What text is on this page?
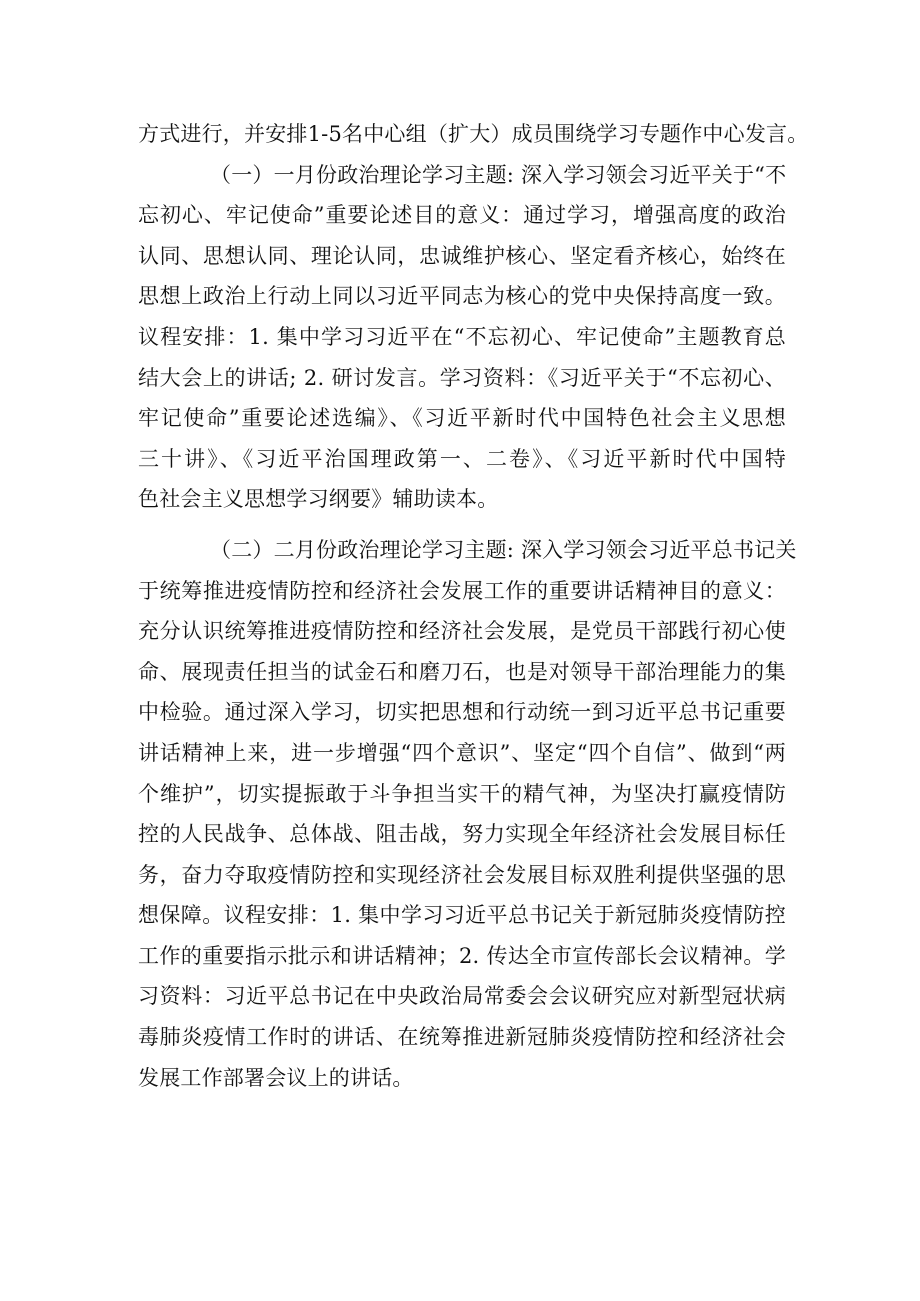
方式进行，并安排1-5名中心组（扩大）成员围绕学习专题作中心发言。
（一）一月份政治理论学习主题: 深入学习领会习近平关于“不
忘初心、牢记使命”重要论述目的意义：通过学习，增强高度的政治
认同、思想认同、理论认同，忠诚维护核心、坚定看齐核心，始终在
思想上政治上行动上同以习近平同志为核心的党中央保持高度一致。
议程安排：1. 集中学习习近平在“不忘初心、牢记使命”主题教育总
结大会上的讲话; 2. 研讨发言。学习资料：《习近平关于“不忘初心、
牢记使命”重要论述选编》、《习近平新时代中国特色社会主义思想
三十讲》、《习近平治国理政第一、二卷》、《习近平新时代中国特
色社会主义思想学习纲要》辅助读本。
（二）二月份政治理论学习主题: 深入学习领会习近平总书记关
于统筹推进疫情防控和经济社会发展工作的重要讲话精神目的意义：
充分认识统筹推进疫情防控和经济社会发展，是党员干部践行初心使
命、展现责任担当的试金石和磨刀石，也是对领导干部治理能力的集
中检验。通过深入学习，切实把思想和行动统一到习近平总书记重要
讲话精神上来，进一步增强“四个意识”、坚定“四个自信”、做到“两
个维护”，切实提振敢于斗争担当实干的精气神，为坚决打赢疫情防
控的人民战争、总体战、阻击战，努力实现全年经济社会发展目标任
务，奋力夺取疫情防控和实现经济社会发展目标双胜利提供坚强的思
想保障。议程安排：1. 集中学习习近平总书记关于新冠肺炎疫情防控
工作的重要指示批示和讲话精神；2. 传达全市宣传部长会议精神。学
习资料：习近平总书记在中央政治局常委会会议研究应对新型冠状病
毒肺炎疫情工作时的讲话、在统筹推进新冠肺炎疫情防控和经济社会
发展工作部署会议上的讲话。
